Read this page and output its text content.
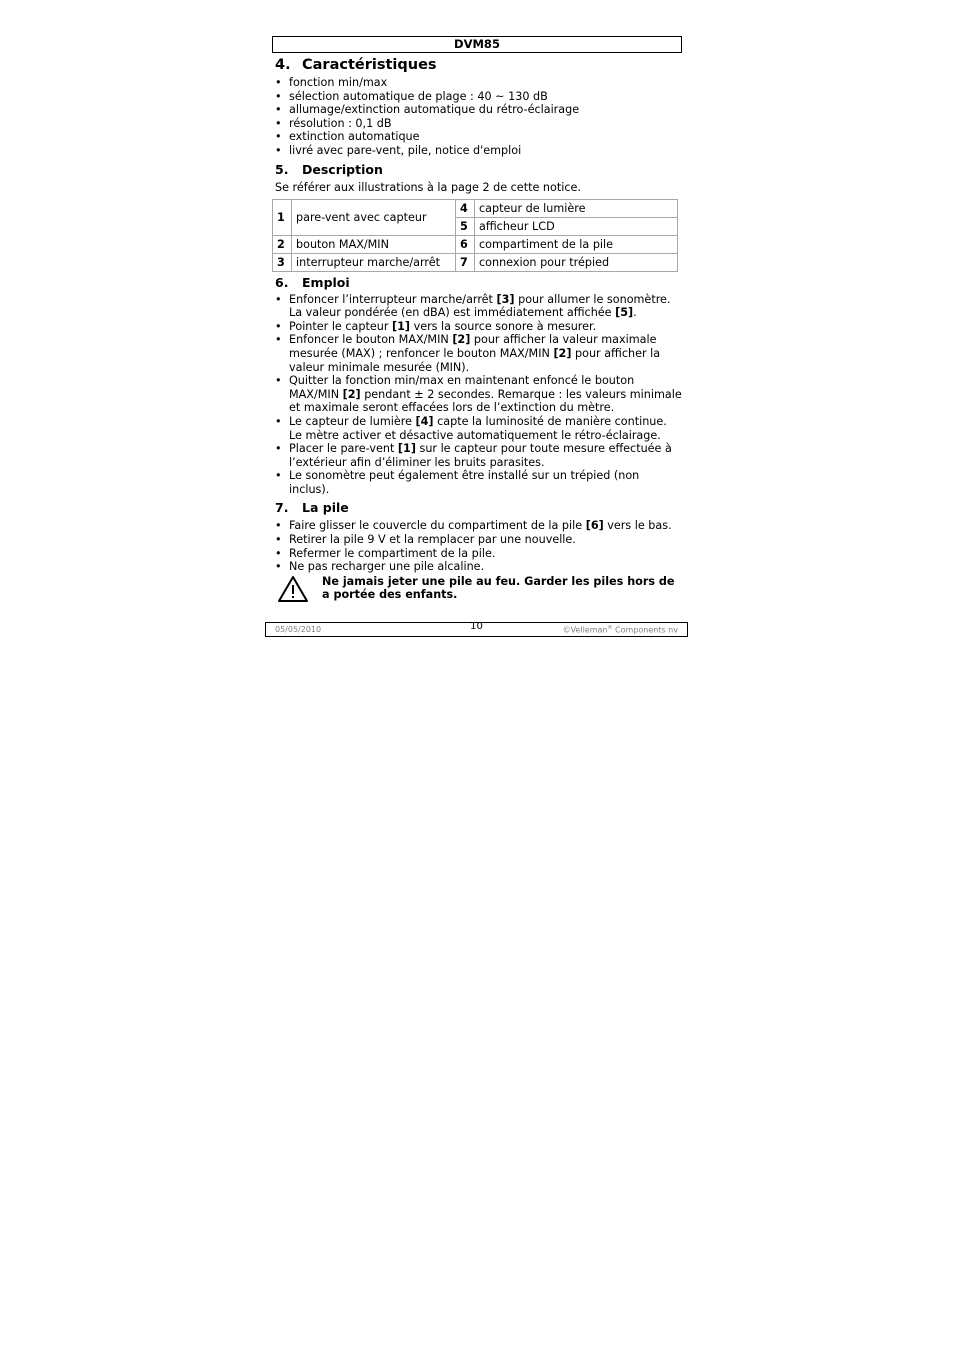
DVM85
4. Caractéristiques
• fonction min/max
• sélection automatique de plage : 40 ~ 130 dB
• allumage/extinction automatique du rétro-éclairage
• résolution : 0,1 dB
• extinction automatique
• livré avec pare-vent, pile, notice d'emploi
5. Description

Se référer aux illustrations à la page 2 de cette notice.

1	pare-vent avec capteur	4	capteur de lumière
		5	afficheur LCD
2	bouton MAX/MIN	6	compartiment de la pile
3	interrupteur marche/arrêt	7	connexion pour trépied
6. Emploi
• Enfoncer l’interrupteur marche/arrêt [3] pour allumer le sonomètre. La valeur pondérée (en dBA) est immédiatement affichée [5].
• Pointer le capteur [1] vers la source sonore à mesurer.
• Enfoncer le bouton MAX/MIN [2] pour afficher la valeur maximale mesurée (MAX) ; renfoncer le bouton MAX/MIN [2] pour afficher la valeur minimale mesurée (MIN).
• Quitter la fonction min/max en maintenant enfoncé le bouton MAX/MIN [2] pendant ± 2 secondes. Remarque : les valeurs minimale et maximale seront effacées lors de l’extinction du mètre.
• Le capteur de lumière [4] capte la luminosité de manière continue. Le mètre activer et désactive automatiquement le rétro-éclairage.
• Placer le pare-vent [1] sur le capteur pour toute mesure effectuée à l’extérieur afin d’éliminer les bruits parasites.
• Le sonomètre peut également être installé sur un trépied (non inclus).
7. La pile
• Faire glisser le couvercle du compartiment de la pile [6] vers le bas.
• Retirer la pile 9 V et la remplacer par une nouvelle.
• Refermer le compartiment de la pile.
• Ne pas recharger une pile alcaline.
Ne jamais jeter une pile au feu. Garder les piles hors de a portée des enfants.
05/05/2010	10	©Velleman® Components nv
